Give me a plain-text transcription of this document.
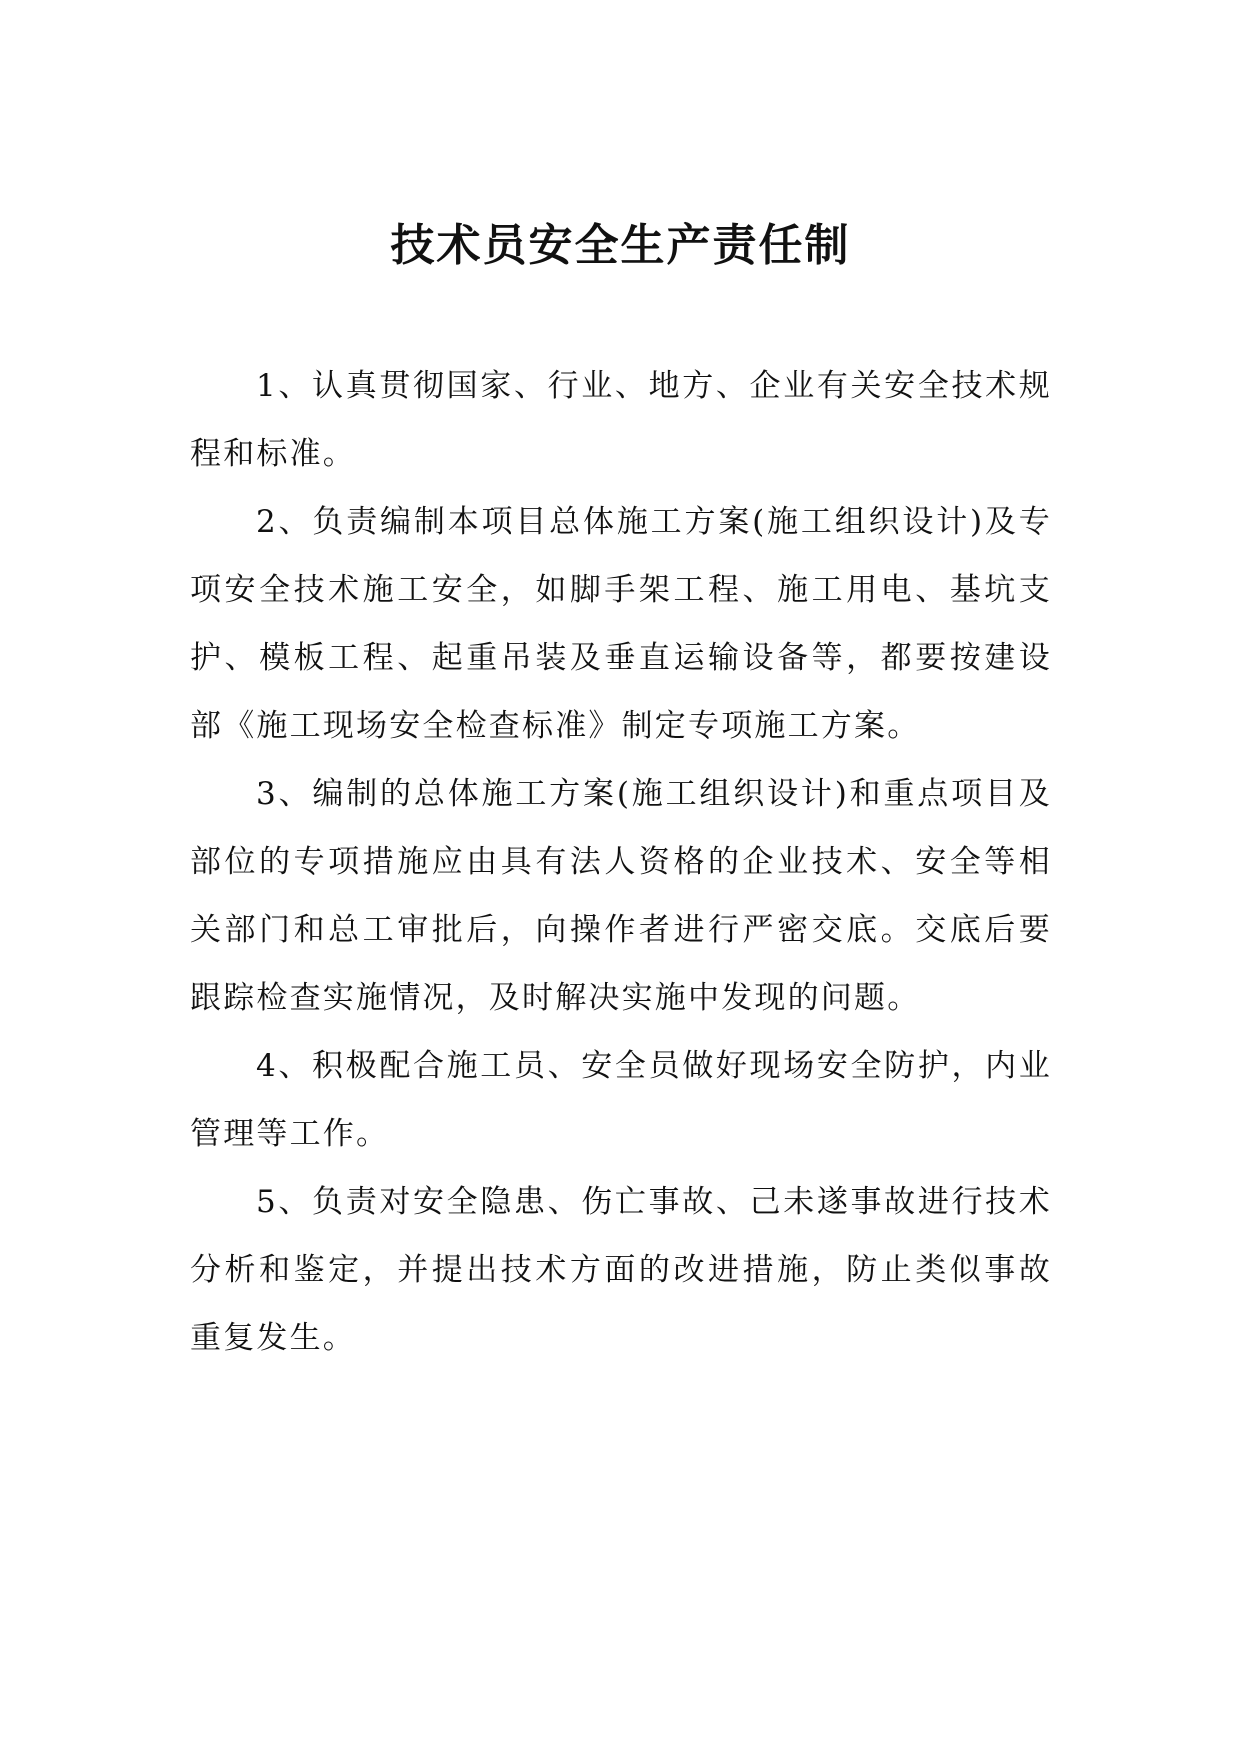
技术员安全生产责任制

1、认真贯彻国家、行业、地方、企业有关安全技术规程和标准。

2、负责编制本项目总体施工方案(施工组织设计)及专项安全技术施工安全，如脚手架工程、施工用电、基坑支护、模板工程、起重吊装及垂直运输设备等，都要按建设部《施工现场安全检查标准》制定专项施工方案。

3、编制的总体施工方案(施工组织设计)和重点项目及部位的专项措施应由具有法人资格的企业技术、安全等相关部门和总工审批后，向操作者进行严密交底。交底后要跟踪检查实施情况，及时解决实施中发现的问题。

4、积极配合施工员、安全员做好现场安全防护，内业管理等工作。

5、负责对安全隐患、伤亡事故、己未遂事故进行技术分析和鉴定，并提出技术方面的改进措施，防止类似事故重复发生。
